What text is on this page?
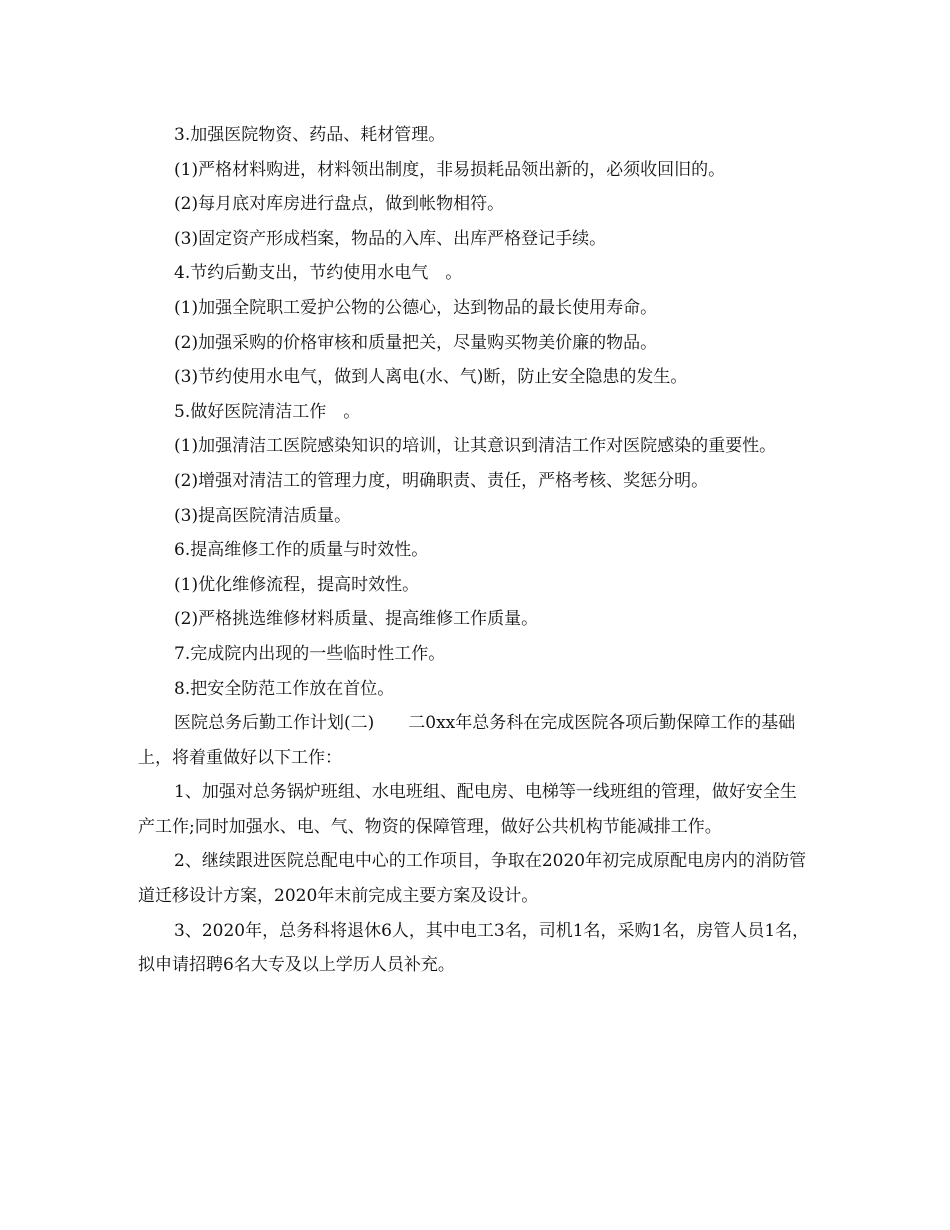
3.加强医院物资、药品、耗材管理。

(1)严格材料购进，材料领出制度，非易损耗品领出新的，必须收回旧的。

(2)每月底对库房进行盘点，做到帐物相符。

(3)固定资产形成档案，物品的入库、出库严格登记手续。

4.节约后勤支出，节约使用水电气　。

(1)加强全院职工爱护公物的公德心，达到物品的最长使用寿命。

(2)加强采购的价格审核和质量把关，尽量购买物美价廉的物品。

(3)节约使用水电气，做到人离电(水、气)断，防止安全隐患的发生。

5.做好医院清洁工作　。

(1)加强清洁工医院感染知识的培训，让其意识到清洁工作对医院感染的重要性。

(2)增强对清洁工的管理力度，明确职责、责任，严格考核、奖惩分明。

(3)提高医院清洁质量。

6.提高维修工作的质量与时效性。

(1)优化维修流程，提高时效性。

(2)严格挑选维修材料质量、提高维修工作质量。

7.完成院内出现的一些临时性工作。

8.把安全防范工作放在首位。

医院总务后勤工作计划(二)　　二0xx年总务科在完成医院各项后勤保障工作的基础上，将着重做好以下工作：

1、加强对总务锅炉班组、水电班组、配电房、电梯等一线班组的管理，做好安全生产工作;同时加强水、电、气、物资的保障管理，做好公共机构节能减排工作。

2、继续跟进医院总配电中心的工作项目，争取在2020年初完成原配电房内的消防管道迁移设计方案，2020年末前完成主要方案及设计。

3、2020年，总务科将退休6人，其中电工3名，司机1名，采购1名，房管人员1名，拟申请招聘6名大专及以上学历人员补充。
